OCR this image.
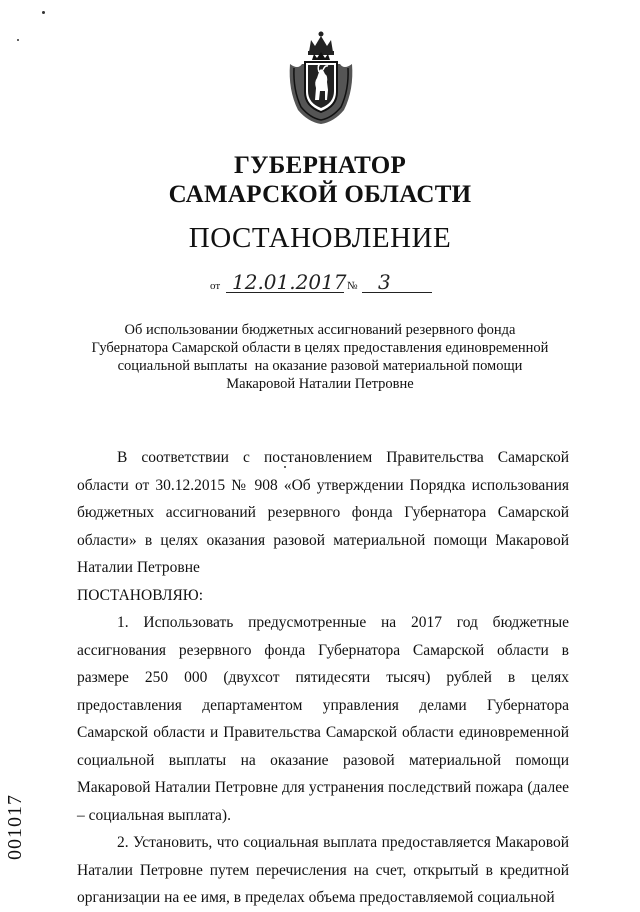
ГУБЕРНАТОР
САМАРСКОЙ ОБЛАСТИ
ПОСТАНОВЛЕНИЕ
от 12.01.2017 № 3
Об использовании бюджетных ассигнований резервного фонда
Губернатора Самарской области в целях предоставления единовременной
социальной выплаты  на оказание разовой материальной помощи
Макаровой Наталии Петровне
В соответствии с постановлением Правительства Самарской области от 30.12.2015 № 908 «Об утверждении Порядка использования бюджетных ассигнований резервного фонда Губернатора Самарской области» в целях оказания разовой материальной помощи Макаровой Наталии Петровне
ПОСТАНОВЛЯЮ:
1. Использовать предусмотренные на 2017 год бюджетные ассигнования резервного фонда Губернатора Самарской области в размере 250 000 (двухсот пятидесяти тысяч) рублей в целях предоставления департаментом управления делами Губернатора Самарской области и Правительства Самарской области единовременной социальной выплаты на оказание разовой материальной помощи Макаровой Наталии Петровне для устранения последствий пожара (далее – социальная выплата).
2. Установить, что социальная выплата предоставляется Макаровой Наталии Петровне путем перечисления на счет, открытый в кредитной организации на ее имя, в пределах объема предоставляемой социальной
001017
